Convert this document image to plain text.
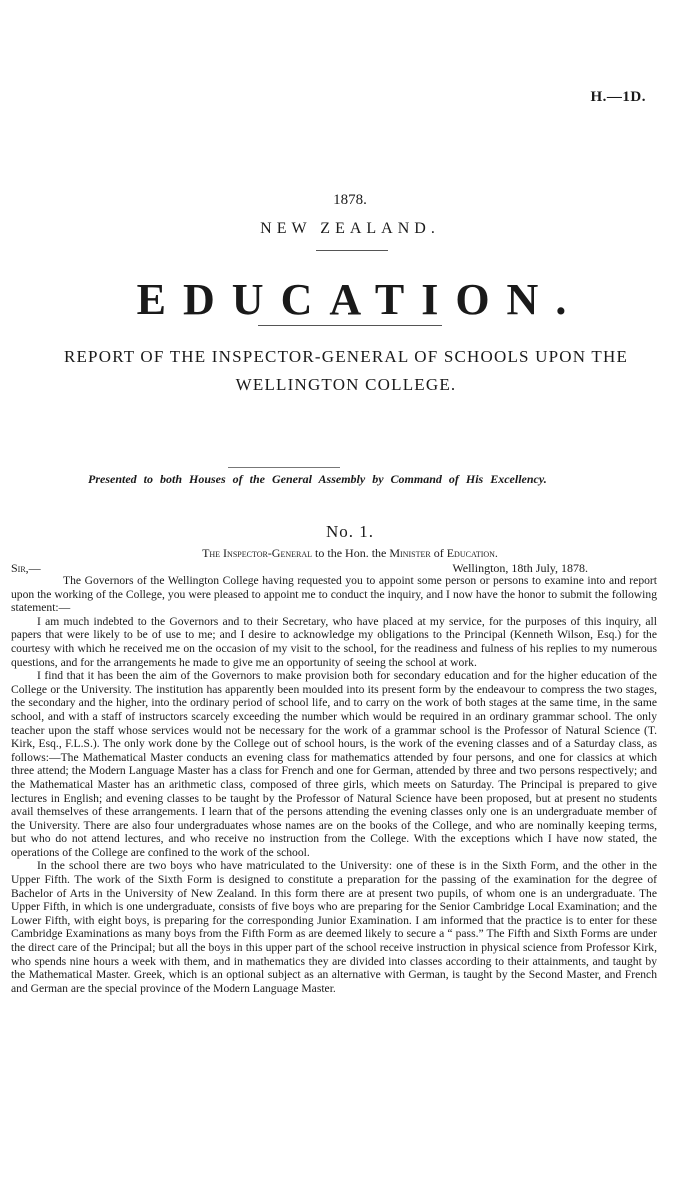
H.—1D.
1878.
NEW ZEALAND.
EDUCATION.
REPORT OF THE INSPECTOR-GENERAL OF SCHOOLS UPON THE WELLINGTON COLLEGE.
Presented to both Houses of the General Assembly by Command of His Excellency.
No. 1.
The Inspector-General to the Hon. the Minister of Education.
Sir,—	Wellington, 18th July, 1878.

The Governors of the Wellington College having requested you to appoint some person or persons to examine into and report upon the working of the College, you were pleased to appoint me to conduct the inquiry, and I now have the honor to submit the following statement:—

I am much indebted to the Governors and to their Secretary, who have placed at my service, for the purposes of this inquiry, all papers that were likely to be of use to me; and I desire to acknowledge my obligations to the Principal (Kenneth Wilson, Esq.) for the courtesy with which he received me on the occasion of my visit to the school, for the readiness and fulness of his replies to my numerous questions, and for the arrangements he made to give me an opportunity of seeing the school at work.

I find that it has been the aim of the Governors to make provision both for secondary education and for the higher education of the College or the University. The institution has apparently been moulded into its present form by the endeavour to compress the two stages, the secondary and the higher, into the ordinary period of school life, and to carry on the work of both stages at the same time, in the same school, and with a staff of instructors scarcely exceeding the number which would be required in an ordinary grammar school. The only teacher upon the staff whose services would not be necessary for the work of a grammar school is the Professor of Natural Science (T. Kirk, Esq., F.L.S.). The only work done by the College out of school hours, is the work of the evening classes and of a Saturday class, as follows:—The Mathematical Master conducts an evening class for mathematics attended by four persons, and one for classics at which three attend; the Modern Language Master has a class for French and one for German, attended by three and two persons respectively; and the Mathematical Master has an arithmetic class, composed of three girls, which meets on Saturday. The Principal is prepared to give lectures in English; and evening classes to be taught by the Professor of Natural Science have been proposed, but at present no students avail themselves of these arrangements. I learn that of the persons attending the evening classes only one is an undergraduate member of the University. There are also four undergraduates whose names are on the books of the College, and who are nominally keeping terms, but who do not attend lectures, and who receive no instruction from the College. With the exceptions which I have now stated, the operations of the College are confined to the work of the school.

In the school there are two boys who have matriculated to the University: one of these is in the Sixth Form, and the other in the Upper Fifth. The work of the Sixth Form is designed to constitute a preparation for the passing of the examination for the degree of Bachelor of Arts in the University of New Zealand. In this form there are at present two pupils, of whom one is an undergraduate. The Upper Fifth, in which is one undergraduate, consists of five boys who are preparing for the Senior Cambridge Local Examination; and the Lower Fifth, with eight boys, is preparing for the corresponding Junior Examination. I am informed that the practice is to enter for these Cambridge Examinations as many boys from the Fifth Form as are deemed likely to secure a “ pass.” The Fifth and Sixth Forms are under the direct care of the Principal; but all the boys in this upper part of the school receive instruction in physical science from Professor Kirk, who spends nine hours a week with them, and in mathematics they are divided into classes according to their attainments, and taught by the Mathematical Master. Greek, which is an optional subject as an alternative with German, is taught by the Second Master, and French and German are the special province of the Modern Language Master.
